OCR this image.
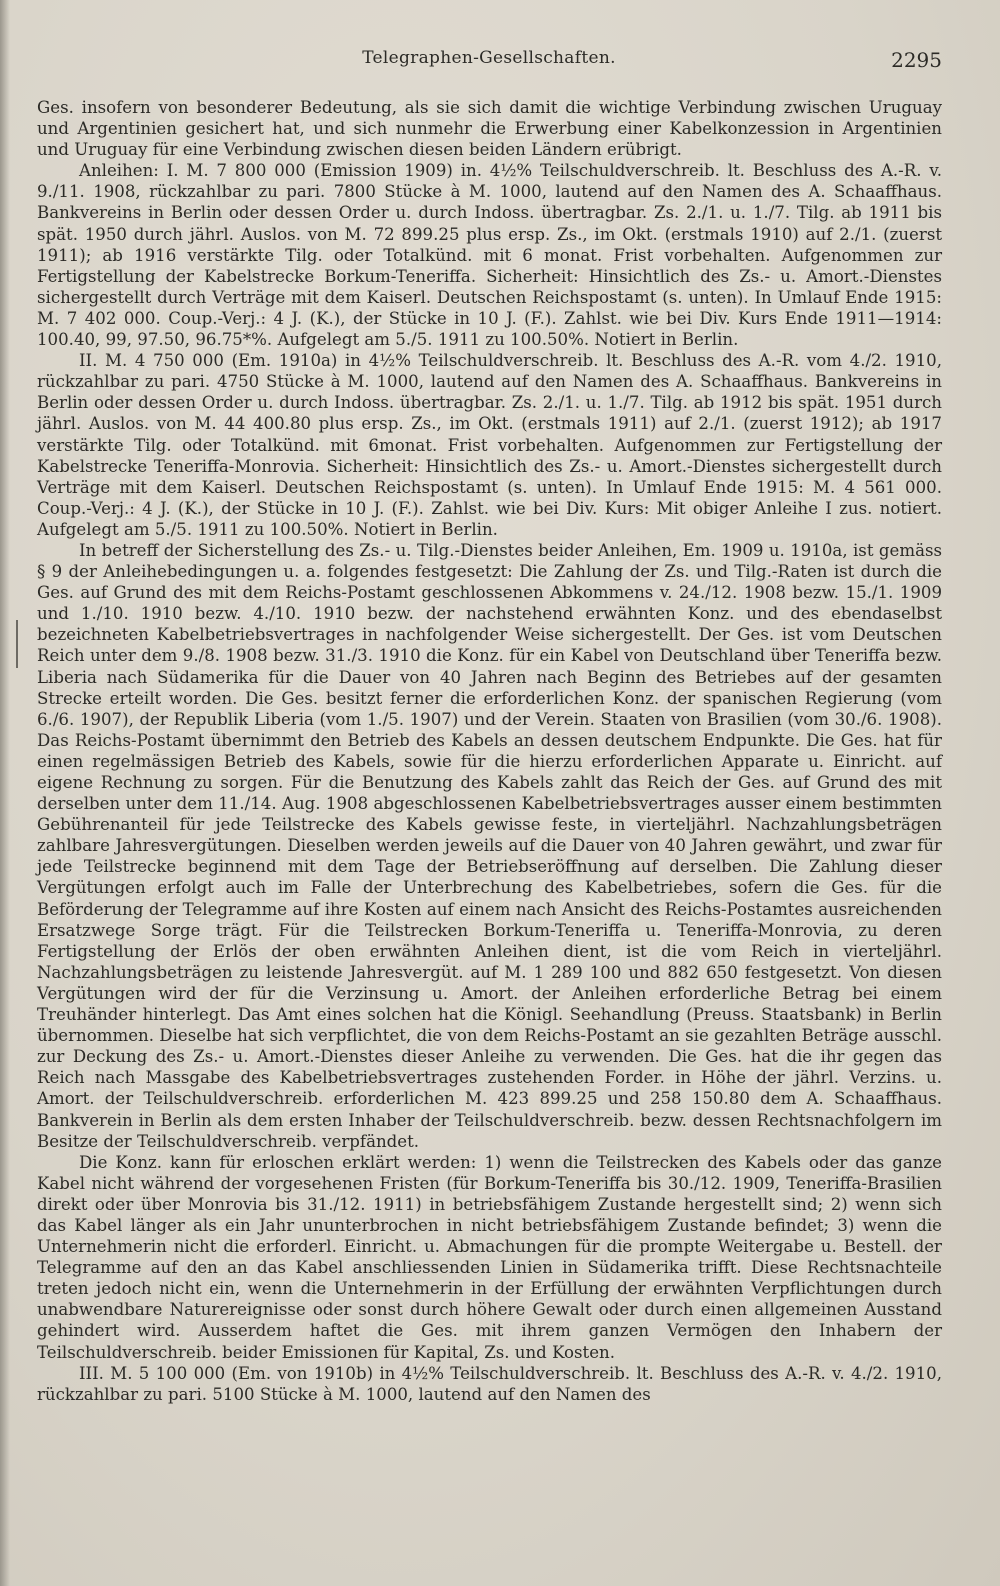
Telegraphen-Gesellschaften.	2295

Ges. insofern von besonderer Bedeutung, als sie sich damit die wichtige Verbindung zwischen Uruguay und Argentinien gesichert hat, und sich nunmehr die Erwerbung einer Kabelkonzession in Argentinien und Uruguay für eine Verbindung zwischen diesen beiden Ländern erübrigt.

Anleihen: I. M. 7 800 000 (Emission 1909) in. 4½% Teilschuldverschreib. lt. Beschluss des A.-R. v. 9./11. 1908, rückzahlbar zu pari. 7800 Stücke à M. 1000, lautend auf den Namen des A. Schaaffhaus. Bankvereins in Berlin oder dessen Order u. durch Indoss. übertragbar. Zs. 2./1. u. 1./7. Tilg. ab 1911 bis spät. 1950 durch jährl. Auslos. von M. 72 899.25 plus ersp. Zs., im Okt. (erstmals 1910) auf 2./1. (zuerst 1911); ab 1916 verstärkte Tilg. oder Totalkünd. mit 6 monat. Frist vorbehalten. Aufgenommen zur Fertigstellung der Kabelstrecke Borkum-Teneriffa. Sicherheit: Hinsichtlich des Zs.- u. Amort.-Dienstes sichergestellt durch Verträge mit dem Kaiserl. Deutschen Reichspostamt (s. unten). In Umlauf Ende 1915: M. 7 402 000. Coup.-Verj.: 4 J. (K.), der Stücke in 10 J. (F.). Zahlst. wie bei Div. Kurs Ende 1911—1914: 100.40, 99, 97.50, 96.75*%. Aufgelegt am 5./5. 1911 zu 100.50%. Notiert in Berlin.

II. M. 4 750 000 (Em. 1910a) in 4½% Teilschuldverschreib. lt. Beschluss des A.-R. vom 4./2. 1910, rückzahlbar zu pari. 4750 Stücke à M. 1000, lautend auf den Namen des A. Schaaffhaus. Bankvereins in Berlin oder dessen Order u. durch Indoss. übertragbar. Zs. 2./1. u. 1./7. Tilg. ab 1912 bis spät. 1951 durch jährl. Auslos. von M. 44 400.80 plus ersp. Zs., im Okt. (erstmals 1911) auf 2./1. (zuerst 1912); ab 1917 verstärkte Tilg. oder Totalkünd. mit 6monat. Frist vorbehalten. Aufgenommen zur Fertigstellung der Kabelstrecke Teneriffa-Monrovia. Sicherheit: Hinsichtlich des Zs.- u. Amort.-Dienstes sichergestellt durch Verträge mit dem Kaiserl. Deutschen Reichspostamt (s. unten). In Umlauf Ende 1915: M. 4 561 000. Coup.-Verj.: 4 J. (K.), der Stücke in 10 J. (F.). Zahlst. wie bei Div. Kurs: Mit obiger Anleihe I zus. notiert. Aufgelegt am 5./5. 1911 zu 100.50%. Notiert in Berlin.

In betreff der Sicherstellung des Zs.- u. Tilg.-Dienstes beider Anleihen, Em. 1909 u. 1910a, ist gemäss § 9 der Anleihebedingungen u. a. folgendes festgesetzt: Die Zahlung der Zs. und Tilg.-Raten ist durch die Ges. auf Grund des mit dem Reichs-Postamt geschlossenen Abkommens v. 24./12. 1908 bezw. 15./1. 1909 und 1./10. 1910 bezw. 4./10. 1910 bezw. der nachstehend erwähnten Konz. und des ebendaselbst bezeichneten Kabelbetriebsvertrages in nachfolgender Weise sichergestellt. Der Ges. ist vom Deutschen Reich unter dem 9./8. 1908 bezw. 31./3. 1910 die Konz. für ein Kabel von Deutschland über Teneriffa bezw. Liberia nach Südamerika für die Dauer von 40 Jahren nach Beginn des Betriebes auf der gesamten Strecke erteilt worden. Die Ges. besitzt ferner die erforderlichen Konz. der spanischen Regierung (vom 6./6. 1907), der Republik Liberia (vom 1./5. 1907) und der Verein. Staaten von Brasilien (vom 30./6. 1908). Das Reichs-Postamt übernimmt den Betrieb des Kabels an dessen deutschem Endpunkte. Die Ges. hat für einen regelmässigen Betrieb des Kabels, sowie für die hierzu erforderlichen Apparate u. Einricht. auf eigene Rechnung zu sorgen. Für die Benutzung des Kabels zahlt das Reich der Ges. auf Grund des mit derselben unter dem 11./14. Aug. 1908 abgeschlossenen Kabelbetriebsvertrages ausser einem bestimmten Gebührenanteil für jede Teilstrecke des Kabels gewisse feste, in vierteljährl. Nachzahlungsbeträgen zahlbare Jahresvergütungen. Dieselben werden jeweils auf die Dauer von 40 Jahren gewährt, und zwar für jede Teilstrecke beginnend mit dem Tage der Betriebseröffnung auf derselben. Die Zahlung dieser Vergütungen erfolgt auch im Falle der Unterbrechung des Kabelbetriebes, sofern die Ges. für die Beförderung der Telegramme auf ihre Kosten auf einem nach Ansicht des Reichs-Postamtes ausreichenden Ersatzwege Sorge trägt. Für die Teilstrecken Borkum-Teneriffa u. Teneriffa-Monrovia, zu deren Fertigstellung der Erlös der oben erwähnten Anleihen dient, ist die vom Reich in vierteljährl. Nachzahlungsbeträgen zu leistende Jahresvergüt. auf M. 1 289 100 und 882 650 festgesetzt. Von diesen Vergütungen wird der für die Verzinsung u. Amort. der Anleihen erforderliche Betrag bei einem Treuhänder hinterlegt. Das Amt eines solchen hat die Königl. Seehandlung (Preuss. Staatsbank) in Berlin übernommen. Dieselbe hat sich verpflichtet, die von dem Reichs-Postamt an sie gezahlten Beträge ausschl. zur Deckung des Zs.- u. Amort.-Dienstes dieser Anleihe zu verwenden. Die Ges. hat die ihr gegen das Reich nach Massgabe des Kabelbetriebsvertrages zustehenden Forder. in Höhe der jährl. Verzins. u. Amort. der Teilschuldverschreib. erforderlichen M. 423 899.25 und 258 150.80 dem A. Schaaffhaus. Bankverein in Berlin als dem ersten Inhaber der Teilschuldverschreib. bezw. dessen Rechtsnachfolgern im Besitze der Teilschuldverschreib. verpfändet.

Die Konz. kann für erloschen erklärt werden: 1) wenn die Teilstrecken des Kabels oder das ganze Kabel nicht während der vorgesehenen Fristen (für Borkum-Teneriffa bis 30./12. 1909, Teneriffa-Brasilien direkt oder über Monrovia bis 31./12. 1911) in betriebsfähigem Zustande hergestellt sind; 2) wenn sich das Kabel länger als ein Jahr ununterbrochen in nicht betriebsfähigem Zustande befindet; 3) wenn die Unternehmerin nicht die erforderl. Einricht. u. Abmachungen für die prompte Weitergabe u. Bestell. der Telegramme auf den an das Kabel anschliessenden Linien in Südamerika trifft. Diese Rechtsnachteile treten jedoch nicht ein, wenn die Unternehmerin in der Erfüllung der erwähnten Verpflichtungen durch unabwendbare Naturereignisse oder sonst durch höhere Gewalt oder durch einen allgemeinen Ausstand gehindert wird. Ausserdem haftet die Ges. mit ihrem ganzen Vermögen den Inhabern der Teilschuldverschreib. beider Emissionen für Kapital, Zs. und Kosten.

III. M. 5 100 000 (Em. von 1910b) in 4½% Teilschuldverschreib. lt. Beschluss des A.-R. v. 4./2. 1910, rückzahlbar zu pari. 5100 Stücke à M. 1000, lautend auf den Namen des
